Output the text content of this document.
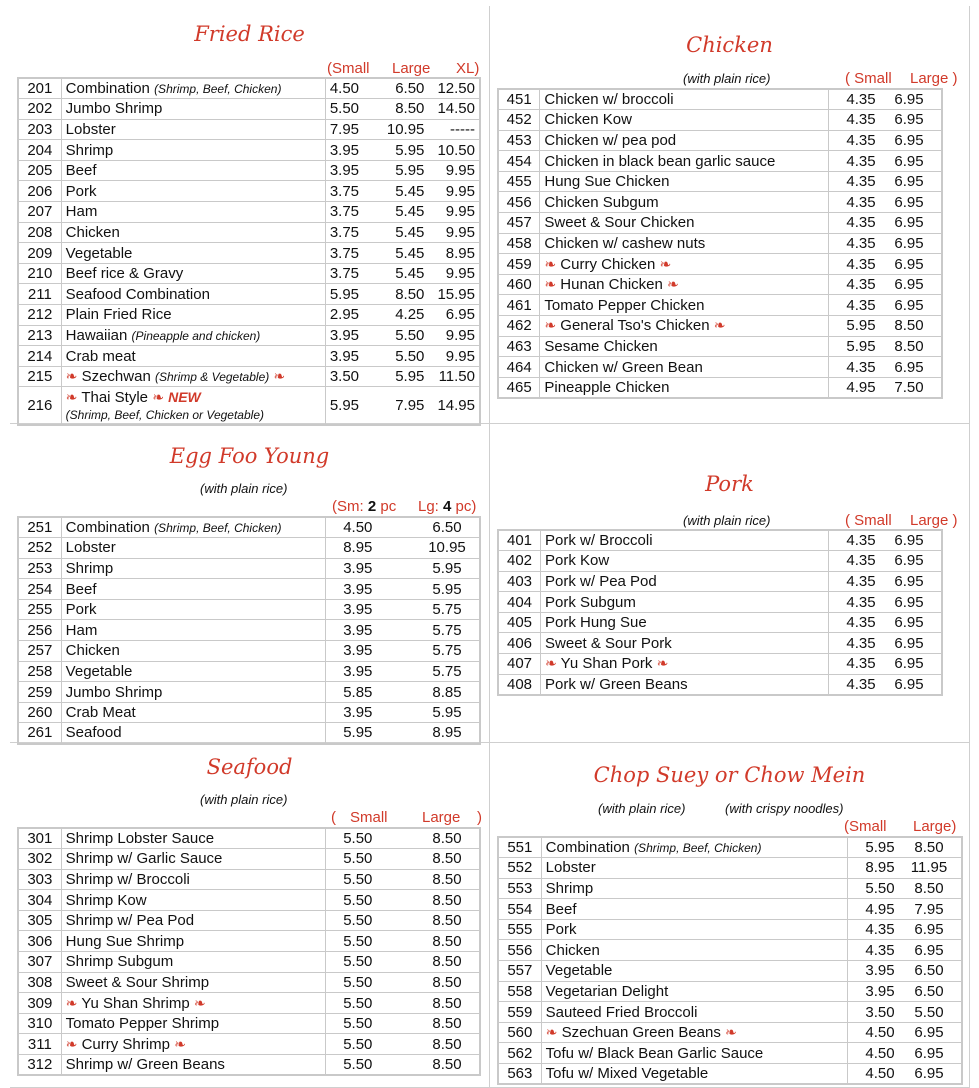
Fried Rice
(Small Large XL)
201	Combination (Shrimp, Beef, Chicken)	4.50 6.50 12.50

202	Jumbo Shrimp	5.50 8.50 14.50

203	Lobster	7.95 10.95 -----

204	Shrimp	3.95 5.95 10.50

205	Beef	3.95 5.95 9.95

206	Pork	3.75 5.45 9.95

207	Ham	3.75 5.45 9.95

208	Chicken	3.75 5.45 9.95

209	Vegetable	3.75 5.45 8.95

210	Beef rice & Gravy	3.75 5.45 9.95

211	Seafood Combination	5.95 8.50 15.95

212	Plain Fried Rice	2.95 4.25 6.95

213	Hawaiian (Pineapple and chicken)	3.95 5.50 9.95

214	Crab meat	3.95 5.50 9.95

215	❧ Szechwan (Shrimp & Vegetable) ❧	3.50 5.95 11.50

216	❧ Thai Style ❧ NEW
(Shrimp, Beef, Chicken or Vegetable)	5.95 7.95 14.95
Chicken
(with plain rice)	( Small Large )
451	Chicken w/ broccoli	4.35 6.95

452	Chicken Kow	4.35 6.95

453	Chicken w/ pea pod	4.35 6.95

454	Chicken in black bean garlic sauce	4.35 6.95

455	Hung Sue Chicken	4.35 6.95

456	Chicken Subgum	4.35 6.95

457	Sweet & Sour Chicken	4.35 6.95

458	Chicken w/ cashew nuts	4.35 6.95

459	❧ Curry Chicken ❧	4.35 6.95

460	❧ Hunan Chicken ❧	4.35 6.95

461	Tomato Pepper Chicken	4.35 6.95

462	❧ General Tso's Chicken ❧	5.95 8.50

463	Sesame Chicken	5.95 8.50

464	Chicken w/ Green Bean	4.35 6.95

465	Pineapple Chicken	4.95 7.50
Egg Foo Young
(with plain rice)
(Sm: 2 pc Lg: 4 pc)
251	Combination (Shrimp, Beef, Chicken)	4.50 6.50

252	Lobster	8.95 10.95

253	Shrimp	3.95 5.95

254	Beef	3.95 5.95

255	Pork	3.95 5.75

256	Ham	3.95 5.75

257	Chicken	3.95 5.75

258	Vegetable	3.95 5.75

259	Jumbo Shrimp	5.85 8.85

260	Crab Meat	3.95 5.95

261	Seafood	5.95 8.95
Pork
(with plain rice)	( Small Large )
401	Pork w/ Broccoli	4.35 6.95

402	Pork Kow	4.35 6.95

403	Pork w/ Pea Pod	4.35 6.95

404	Pork Subgum	4.35 6.95

405	Pork Hung Sue	4.35 6.95

406	Sweet & Sour Pork	4.35 6.95

407	❧ Yu Shan Pork ❧	4.35 6.95

408	Pork w/ Green Beans	4.35 6.95
Seafood
(with plain rice)
( Small Large )
301	Shrimp Lobster Sauce	5.50 8.50

302	Shrimp w/ Garlic Sauce	5.50 8.50

303	Shrimp w/ Broccoli	5.50 8.50

304	Shrimp Kow	5.50 8.50

305	Shrimp w/ Pea Pod	5.50 8.50

306	Hung Sue Shrimp	5.50 8.50

307	Shrimp Subgum	5.50 8.50

308	Sweet & Sour Shrimp	5.50 8.50

309	❧ Yu Shan Shrimp ❧	5.50 8.50

310	Tomato Pepper Shrimp	5.50 8.50

311	❧ Curry Shrimp ❧	5.50 8.50

312	Shrimp w/ Green Beans	5.50 8.50
Chop Suey or Chow Mein
(with plain rice)	(with crispy noodles)
(Small Large)
551	Combination (Shrimp, Beef, Chicken)	5.95 8.50

552	Lobster	8.95 11.95

553	Shrimp	5.50 8.50

554	Beef	4.95 7.95

555	Pork	4.35 6.95

556	Chicken	4.35 6.95

557	Vegetable	3.95 6.50

558	Vegetarian Delight	3.95 6.50

559	Sauteed Fried Broccoli	3.50 5.50

560	❧ Szechuan Green Beans ❧	4.50 6.95

562	Tofu w/ Black Bean Garlic Sauce	4.50 6.95

563	Tofu w/ Mixed Vegetable	4.50 6.95
